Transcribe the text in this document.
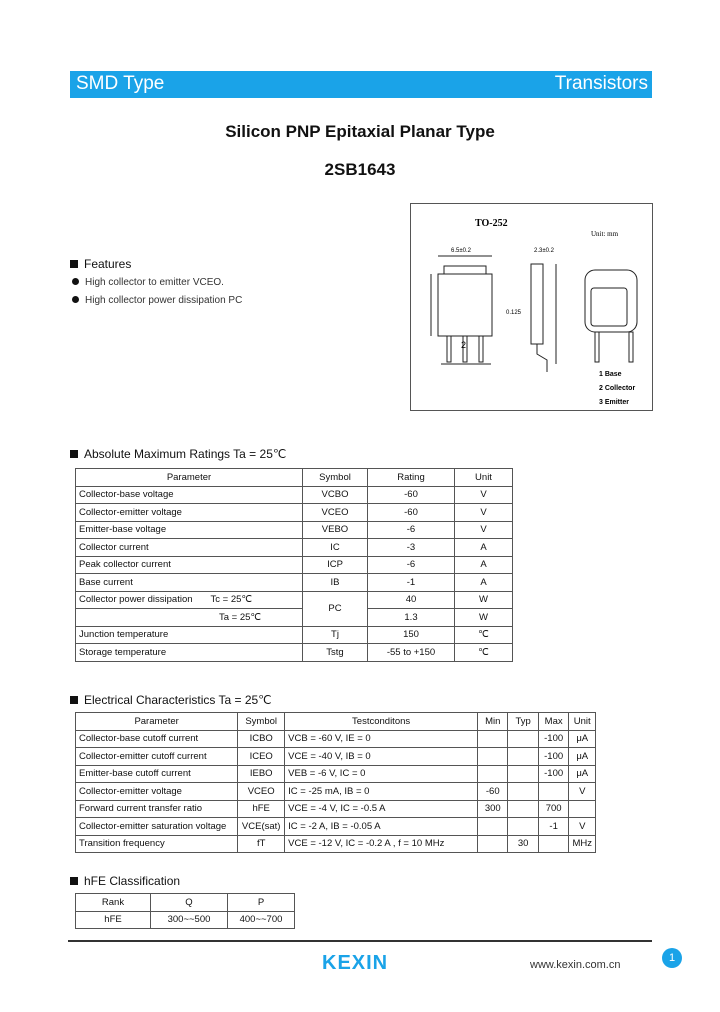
SMD Type	Transistors
Silicon PNP Epitaxial Planar Type
2SB1643
TO-252
Unit: mm
2
6.5±0.2
0.125
2.3±0.2
1 Base
2 Collector
3 Emitter
Features
High collector to emitter VCEO.
High collector power dissipation PC
Absolute Maximum Ratings Ta = 25℃
Parameter	Symbol	Rating	Unit
Collector-base voltage	VCBO	-60	V
Collector-emitter voltage	VCEO	-60	V
Emitter-base voltage	VEBO	-6	V
Collector current	IC	-3	A
Peak collector current	ICP	-6	A
Base current	IB	-1	A
Collector power dissipation Tc = 25℃	PC	40	W
Ta = 25℃		1.3	W
Junction temperature	Tj	150	℃
Storage temperature	Tstg	-55 to +150	℃
Electrical Characteristics Ta = 25℃
Parameter	Symbol	Testconditons	Min	Typ	Max	Unit
Collector-base cutoff current	ICBO	VCB = -60 V, IE = 0			-100	μA
Collector-emitter cutoff current	ICEO	VCE = -40 V, IB = 0			-100	μA
Emitter-base cutoff current	IEBO	VEB = -6 V, IC = 0			-100	μA
Collector-emitter voltage	VCEO	IC = -25 mA, IB = 0	-60			V
Forward current transfer ratio	hFE	VCE = -4 V, IC = -0.5 A	300		700	
Collector-emitter saturation voltage	VCE(sat)	IC = -2 A, IB = -0.05 A			-1	V
Transition frequency	fT	VCE = -12 V, IC = -0.2 A , f = 10 MHz		30		MHz
hFE Classification
Rank	Q	P
hFE	300~~500	400~~700
KEXIN	www.kexin.com.cn
1
